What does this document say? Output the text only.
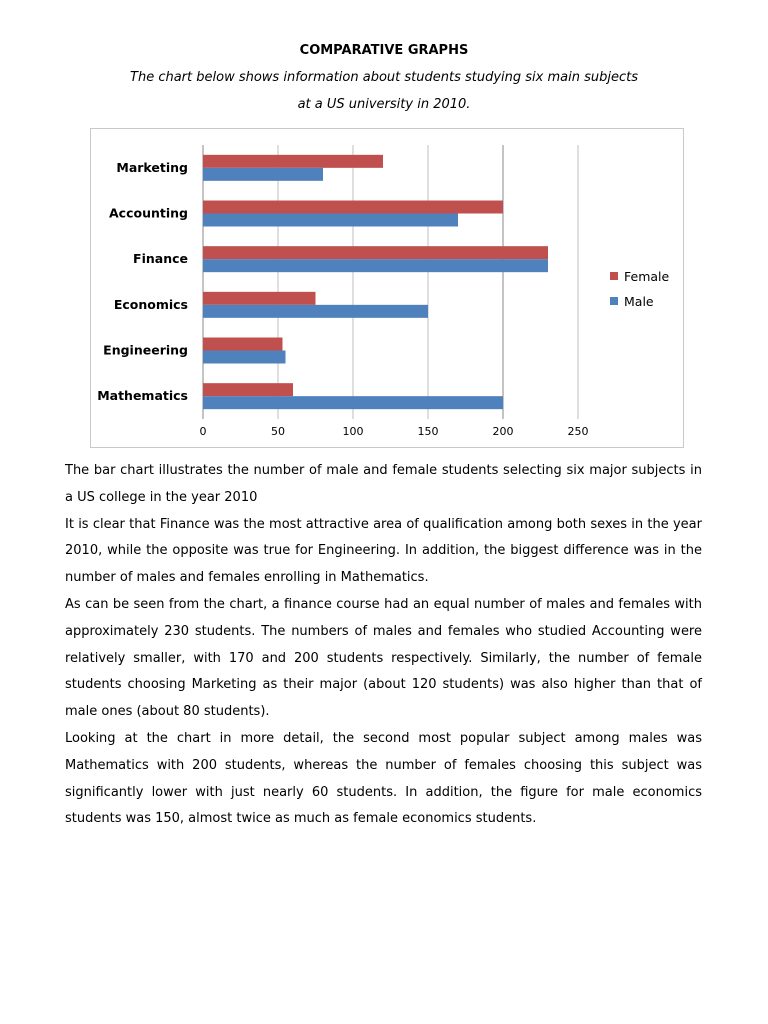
COMPARATIVE GRAPHS
The chart below shows information about students studying six main subjects
at a US university in 2010.
0	50	100	150	200	250
Marketing
Accounting
Finance
Economics
Engineering
Mathematics
Female
Male

The bar chart illustrates the number of male and female students selecting six major subjects in a US college in the year 2010

It is clear that Finance was the most attractive area of qualification among both sexes in the year 2010, while the opposite was true for Engineering. In addition, the biggest difference was in the number of males and females enrolling in Mathematics.

As can be seen from the chart, a finance course had an equal number of males and females with approximately 230 students. The numbers of males and females who studied Accounting were relatively smaller, with 170 and 200 students respectively. Similarly, the number of female students choosing Marketing as their major (about 120 students) was also higher than that of male ones (about 80 students).

Looking at the chart in more detail, the second most popular subject among males was Mathematics with 200 students, whereas the number of females choosing this subject was significantly lower with just nearly 60 students. In addition, the figure for male economics students was 150, almost twice as much as female economics students.
